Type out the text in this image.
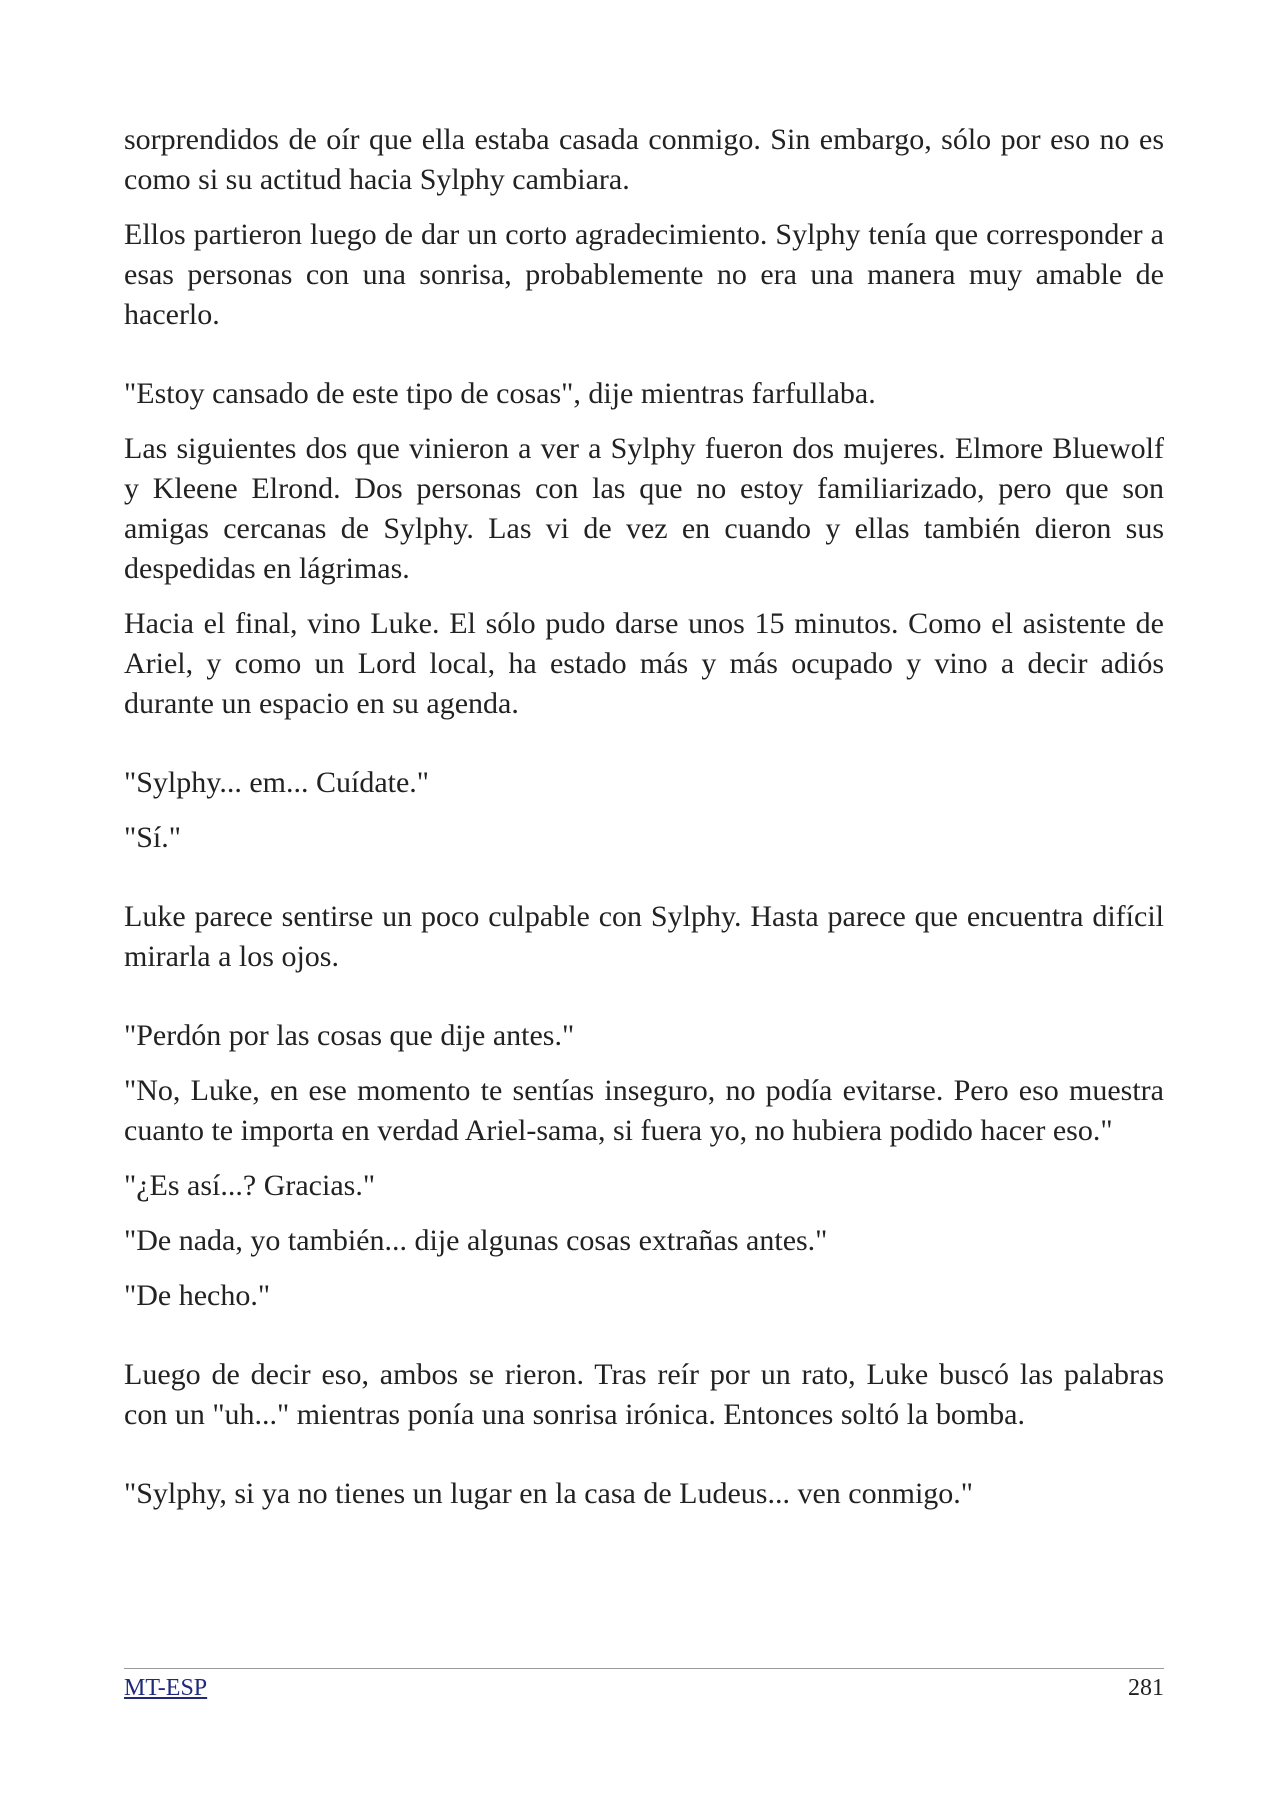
sorprendidos de oír que ella estaba casada conmigo. Sin embargo, sólo por eso no es como si su actitud hacia Sylphy cambiara.

Ellos partieron luego de dar un corto agradecimiento. Sylphy tenía que corresponder a esas personas con una sonrisa, probablemente no era una manera muy amable de hacerlo.

"Estoy cansado de este tipo de cosas", dije mientras farfullaba.

Las siguientes dos que vinieron a ver a Sylphy fueron dos mujeres. Elmore Bluewolf y Kleene Elrond. Dos personas con las que no estoy familiarizado, pero que son amigas cercanas de Sylphy. Las vi de vez en cuando y ellas también dieron sus despedidas en lágrimas.

Hacia el final, vino Luke. El sólo pudo darse unos 15 minutos. Como el asistente de Ariel, y como un Lord local, ha estado más y más ocupado y vino a decir adiós durante un espacio en su agenda.

"Sylphy... em... Cuídate."

"Sí."

Luke parece sentirse un poco culpable con Sylphy. Hasta parece que encuentra difícil mirarla a los ojos.

"Perdón por las cosas que dije antes."

"No, Luke, en ese momento te sentías inseguro, no podía evitarse. Pero eso muestra cuanto te importa en verdad Ariel-sama, si fuera yo, no hubiera podido hacer eso."

"¿Es así...? Gracias."

"De nada, yo también... dije algunas cosas extrañas antes."

"De hecho."

Luego de decir eso, ambos se rieron. Tras reír por un rato, Luke buscó las palabras con un "uh..." mientras ponía una sonrisa irónica. Entonces soltó la bomba.

"Sylphy, si ya no tienes un lugar en la casa de Ludeus... ven conmigo."

MT-ESP	281
